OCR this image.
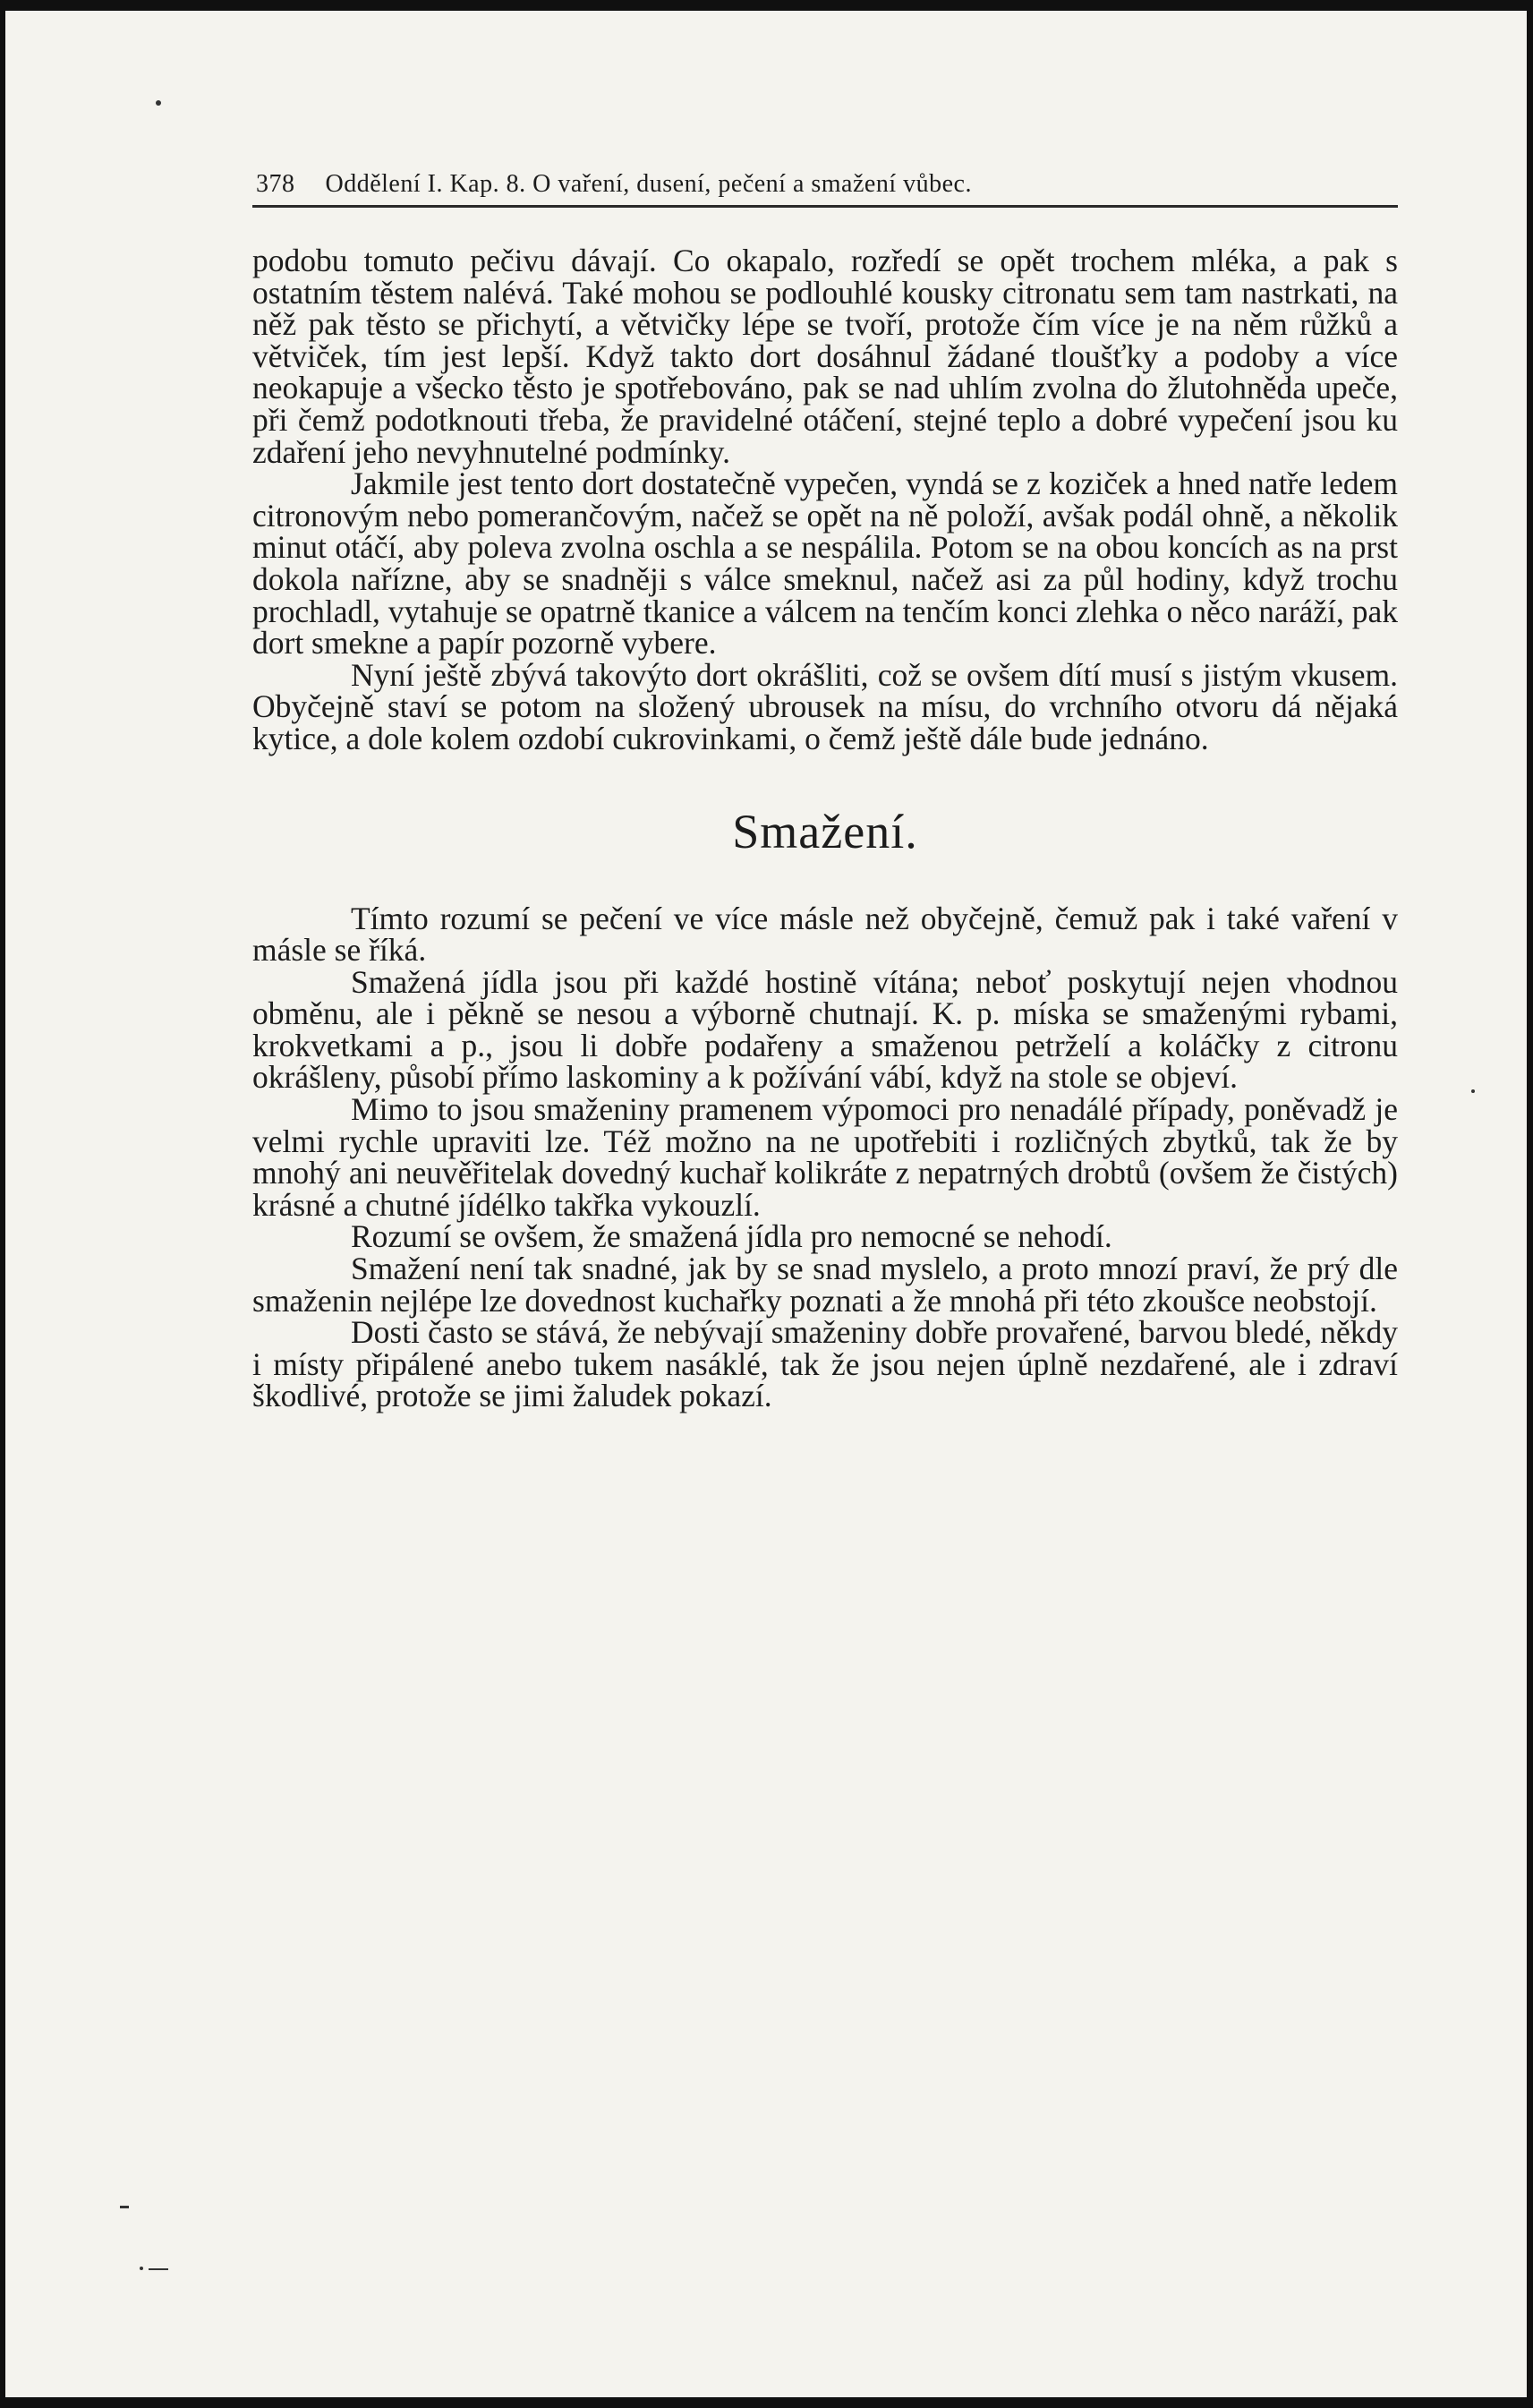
378 Oddělení I. Kap. 8. O vaření, dusení, pečení a smažení vůbec.

podobu tomuto pečivu dávají. Co okapalo, rozředí se opět trochem mléka, a pak s ostatním těstem nalévá. Také mohou se podlouhlé kousky citronatu sem tam nastrkati, na něž pak těsto se přichytí, a větvičky lépe se tvoří, protože čím více je na něm růžků a větviček, tím jest lepší. Když takto dort dosáhnul žádané tloušťky a podoby a více neokapuje a všecko těsto je spotřebováno, pak se nad uhlím zvolna do žlutohněda upeče, při čemž podotknouti třeba, že pravidelné otáčení, stejné teplo a dobré vypečení jsou ku zdaření jeho nevyhnutelné podmínky.

Jakmile jest tento dort dostatečně vypečen, vyndá se z koziček a hned natře ledem citronovým nebo pomerančovým, načež se opět na ně položí, avšak podál ohně, a několik minut otáčí, aby poleva zvolna oschla a se nespálila. Potom se na obou koncích as na prst dokola nařízne, aby se snadněji s válce smeknul, načež asi za půl hodiny, když trochu prochladl, vytahuje se opatrně tkanice a válcem na tenčím konci zlehka o něco naráží, pak dort smekne a papír pozorně vybere.

Nyní ještě zbývá takovýto dort okrášliti, což se ovšem dítí musí s jistým vkusem. Obyčejně staví se potom na složený ubrousek na mísu, do vrchního otvoru dá nějaká kytice, a dole kolem ozdobí cukrovinkami, o čemž ještě dále bude jednáno.

Smažení.

Tímto rozumí se pečení ve více másle než obyčejně, čemuž pak i také vaření v másle se říká.

Smažená jídla jsou při každé hostině vítána; neboť poskytují nejen vhodnou obměnu, ale i pěkně se nesou a výborně chutnají. K. p. míska se smaženými rybami, krokvetkami a p., jsou li dobře podařeny a smaženou petrželí a koláčky z citronu okrášleny, působí přímo laskominy a k požívání vábí, když na stole se objeví.

Mimo to jsou smaženiny pramenem výpomoci pro nenadálé případy, poněvadž je velmi rychle upraviti lze. Též možno na ne upotřebiti i rozličných zbytků, tak že by mnohý ani neuvěřitelak dovedný kuchař kolikráte z nepatrných drobtů (ovšem že čistých) krásné a chutné jídélko takřka vykouzlí.

Rozumí se ovšem, že smažená jídla pro nemocné se nehodí.

Smažení není tak snadné, jak by se snad myslelo, a proto mnozí praví, že prý dle smaženin nejlépe lze dovednost kuchařky poznati a že mnohá při této zkoušce neobstojí.

Dosti často se stává, že nebývají smaženiny dobře provařené, barvou bledé, někdy i místy připálené anebo tukem nasáklé, tak že jsou nejen úplně nezdařené, ale i zdraví škodlivé, protože se jimi žaludek pokazí.
